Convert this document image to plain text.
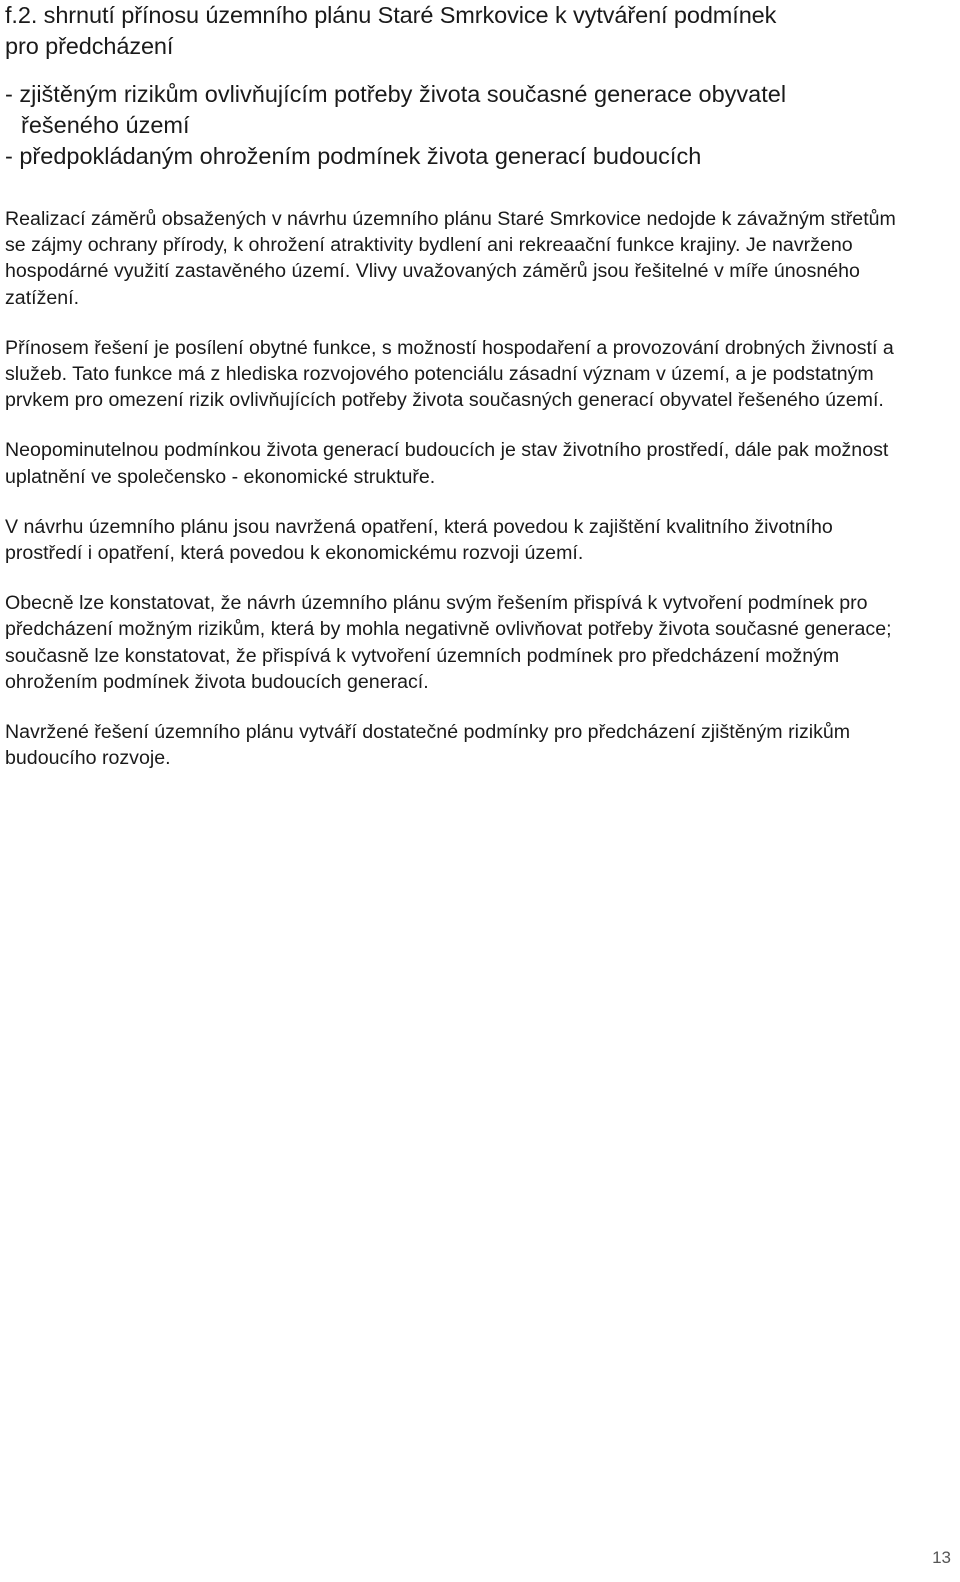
f.2. shrnutí přínosu územního plánu Staré Smrkovice k vytváření podmínek
pro předcházení
- zjištěným rizikům ovlivňujícím potřeby života současné generace obyvatel
řešeného území
- předpokládaným ohrožením podmínek života generací budoucích

Realizací záměrů obsažených v návrhu územního plánu Staré Smrkovice nedojde k závažným střetům se zájmy ochrany přírody, k ohrožení atraktivity bydlení ani rekreaační funkce krajiny. Je navrženo hospodárné využití zastavěného území. Vlivy uvažovaných záměrů jsou řešitelné v míře únosného zatížení.

Přínosem řešení je posílení obytné funkce, s možností hospodaření a provozování drobných živností a služeb. Tato funkce má z hlediska rozvojového potenciálu zásadní význam v území, a je podstatným prvkem pro omezení rizik ovlivňujících potřeby života současných generací obyvatel řešeného území.

Neopominutelnou podmínkou života generací budoucích je stav životního prostředí, dále pak možnost uplatnění ve společensko - ekonomické struktuře.

V návrhu územního plánu jsou navržená opatření, která povedou k zajištění kvalitního životního prostředí i opatření, která povedou k ekonomickému rozvoji území.

Obecně lze konstatovat, že návrh územního plánu svým řešením přispívá k vytvoření podmínek pro předcházení možným rizikům, která by mohla negativně ovlivňovat potřeby života současné generace; současně lze konstatovat, že přispívá k vytvoření územních podmínek pro předcházení možným ohrožením podmínek života budoucích generací.

Navržené řešení územního plánu vytváří dostatečné podmínky pro předcházení zjištěným rizikům budoucího rozvoje.

13
